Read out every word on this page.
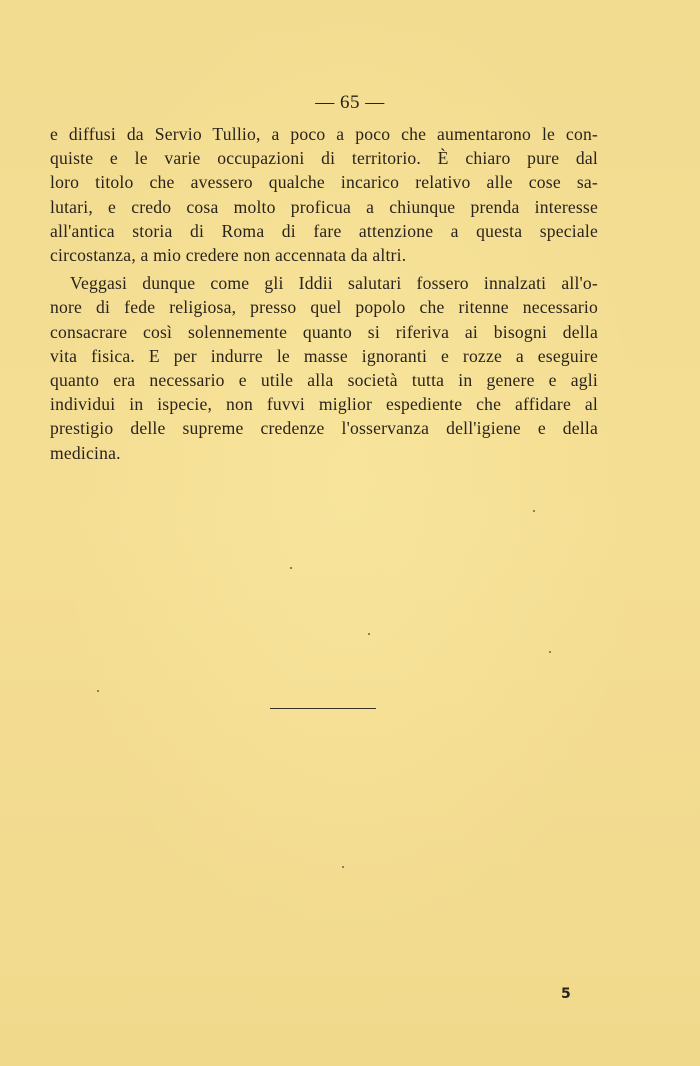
— 65 —

e diffusi da Servio Tullio, a poco a poco che aumentarono le con-
quiste e le varie occupazioni di territorio. È chiaro pure dal
loro titolo che avessero qualche incarico relativo alle cose sa-
lutari, e credo cosa molto proficua a chiunque prenda interesse
all'antica storia di Roma di fare attenzione a questa speciale
circostanza, a mio credere non accennata da altri.

Veggasi dunque come gli Iddii salutari fossero innalzati all'o-
nore di fede religiosa, presso quel popolo che ritenne necessario
consacrare così solennemente quanto si riferiva ai bisogni della
vita fisica. E per indurre le masse ignoranti e rozze a eseguire
quanto era necessario e utile alla società tutta in genere e agli
individui in ispecie, non fuvvi miglior espediente che affidare al
prestigio delle supreme credenze l'osservanza dell'igiene e della
medicina.

5
